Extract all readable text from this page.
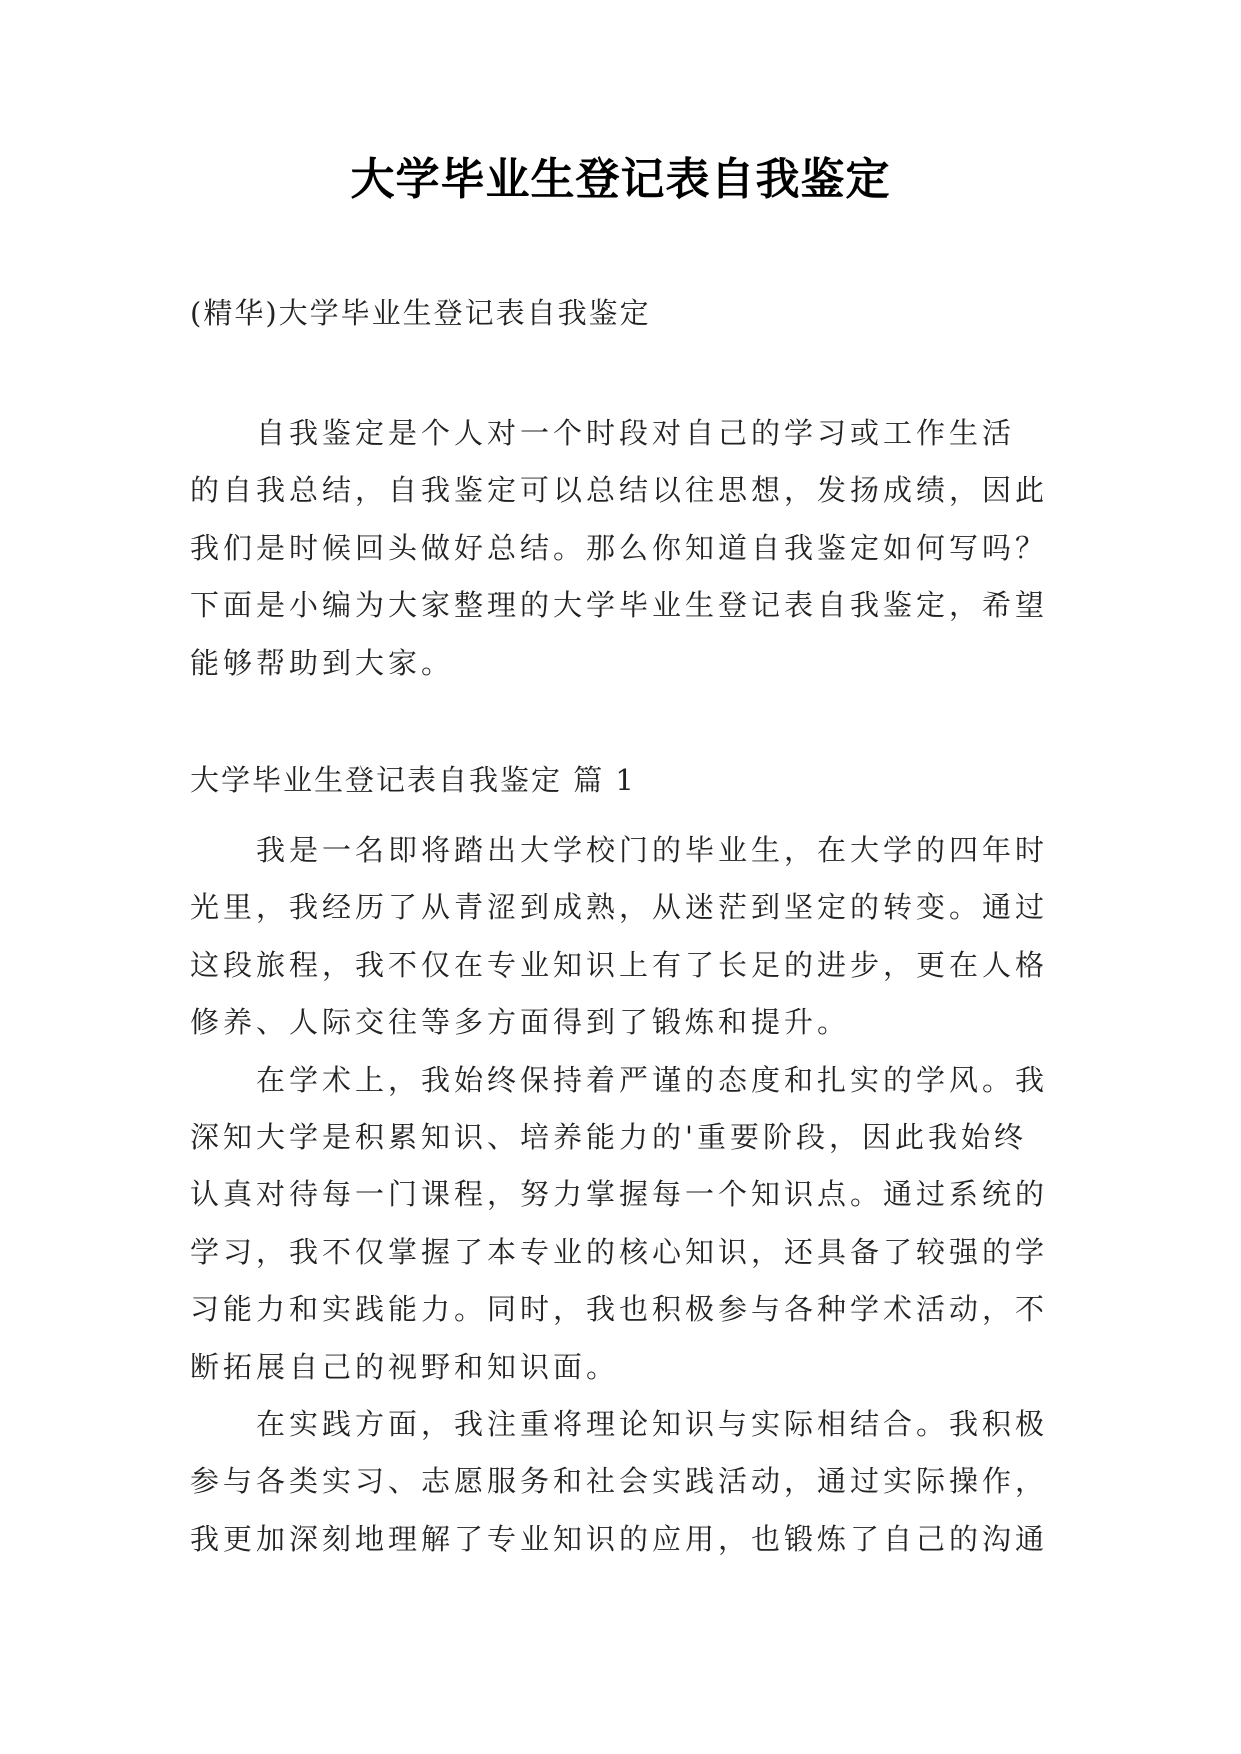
大学毕业生登记表自我鉴定
(精华)大学毕业生登记表自我鉴定
自我鉴定是个人对一个时段对自己的学习或工作生活
的自我总结，自我鉴定可以总结以往思想，发扬成绩，因此
我们是时候回头做好总结。那么你知道自我鉴定如何写吗？
下面是小编为大家整理的大学毕业生登记表自我鉴定，希望
能够帮助到大家。
大学毕业生登记表自我鉴定 篇 1
我是一名即将踏出大学校门的毕业生，在大学的四年时
光里，我经历了从青涩到成熟，从迷茫到坚定的转变。通过
这段旅程，我不仅在专业知识上有了长足的进步，更在人格
修养、人际交往等多方面得到了锻炼和提升。
在学术上，我始终保持着严谨的态度和扎实的学风。我
深知大学是积累知识、培养能力的'重要阶段，因此我始终
认真对待每一门课程，努力掌握每一个知识点。通过系统的
学习，我不仅掌握了本专业的核心知识，还具备了较强的学
习能力和实践能力。同时，我也积极参与各种学术活动，不
断拓展自己的视野和知识面。
在实践方面，我注重将理论知识与实际相结合。我积极
参与各类实习、志愿服务和社会实践活动，通过实际操作，
我更加深刻地理解了专业知识的应用，也锻炼了自己的沟通
